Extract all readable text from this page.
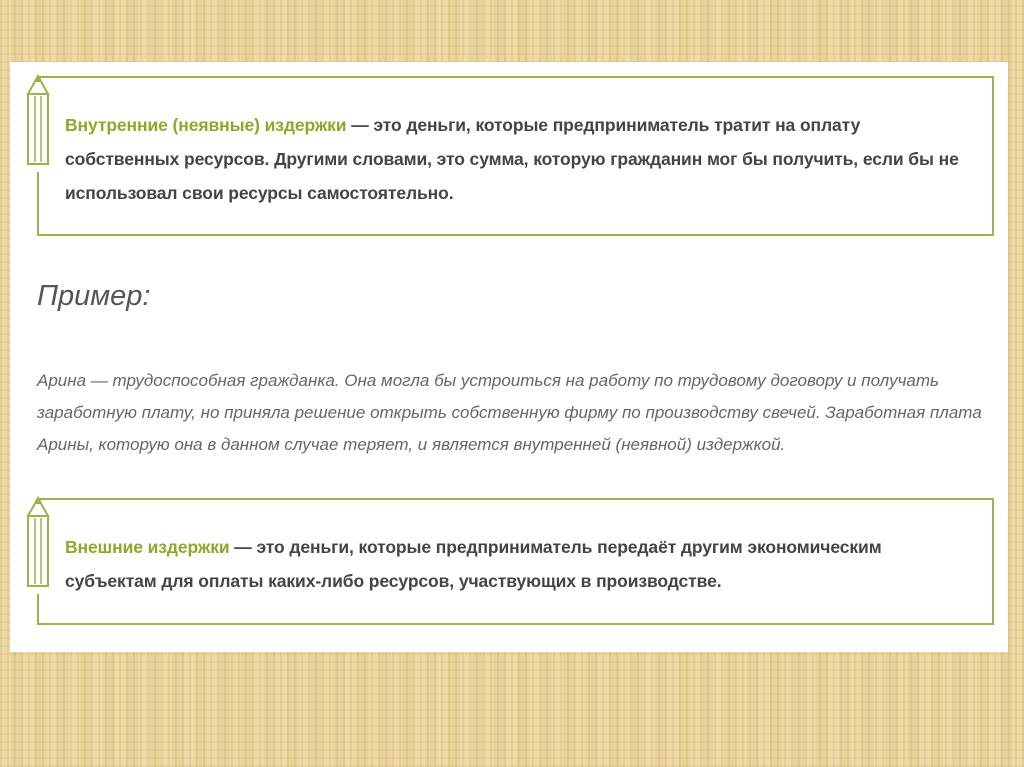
Внутренние (неявные) издержки — это деньги, которые предприниматель тратит на оплату собственных ресурсов. Другими словами, это сумма, которую гражданин мог бы получить, если бы не использовал свои ресурсы самостоятельно.
Пример:
Арина — трудоспособная гражданка. Она могла бы устроиться на работу по трудовому договору и получать заработную плату, но приняла решение открыть собственную фирму по производству свечей. Заработная плата Арины, которую она в данном случае теряет, и является внутренней (неявной) издержкой.
Внешние издержки — это деньги, которые предприниматель передаёт другим экономическим субъектам для оплаты каких-либо ресурсов, участвующих в производстве.
